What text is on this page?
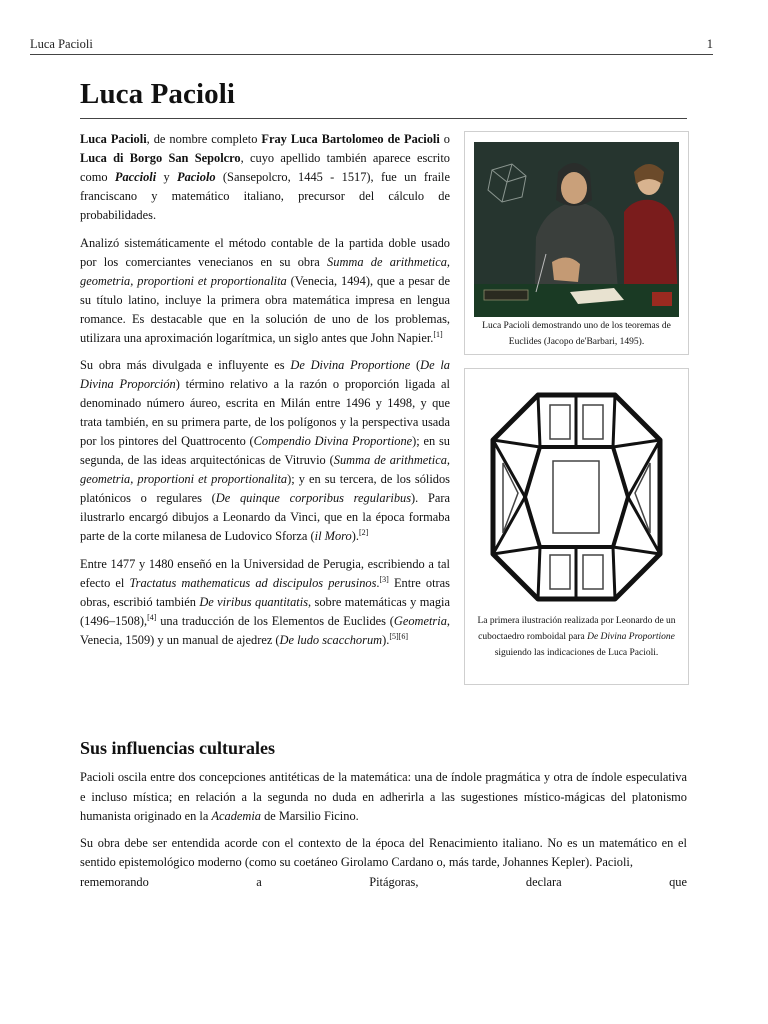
Luca Pacioli	1
Luca Pacioli

Luca Pacioli, de nombre completo Fray Luca Bartolomeo de Pacioli o Luca di Borgo San Sepolcro, cuyo apellido también aparece escrito como Paccioli y Paciolo (Sansepolcro, 1445 - 1517), fue un fraile franciscano y matemático italiano, precursor del cálculo de probabilidades.

Analizó sistemáticamente el método contable de la partida doble usado por los comerciantes venecianos en su obra Summa de arithmetica, geometria, proportioni et proportionalita (Venecia, 1494), que a pesar de su título latino, incluye la primera obra matemática impresa en lengua romance. Es destacable que en la solución de uno de los problemas, utilizara una aproximación logarítmica, un siglo antes que John Napier.[1]

Su obra más divulgada e influyente es De Divina Proportione (De la Divina Proporción) término relativo a la razón o proporción ligada al denominado número áureo, escrita en Milán entre 1496 y 1498, y que trata también, en su primera parte, de los polígonos y la perspectiva usada por los pintores del Quattrocento (Compendio Divina Proportione); en su segunda, de las ideas arquitectónicas de Vitruvio (Summa de arithmetica, geometria, proportioni et proportionalita); y en su tercera, de los sólidos platónicos o regulares (De quinque corporibus regularibus). Para ilustrarlo encargó dibujos a Leonardo da Vinci, que en la época formaba parte de la corte milanesa de Ludovico Sforza (il Moro).[2]

Entre 1477 y 1480 enseñó en la Universidad de Perugia, escribiendo a tal efecto el Tractatus mathematicus ad discipulos perusinos.[3] Entre otras obras, escribió también De viribus quantitatis, sobre matemáticas y magia (1496–1508),[4] una traducción de los Elementos de Euclides (Geometria, Venecia, 1509) y un manual de ajedrez (De ludo scacchorum).[5][6]

Luca Pacioli demostrando uno de los teoremas de Euclides (Jacopo de'Barbari, 1495).
La primera ilustración realizada por Leonardo de un cuboctaedro romboidal para De Divina Proportione siguiendo las indicaciones de Luca Pacioli.
Sus influencias culturales

Pacioli oscila entre dos concepciones antitéticas de la matemática: una de índole pragmática y otra de índole especulativa e incluso mística; en relación a la segunda no duda en adherirla a las sugestiones místico-mágicas del platonismo humanista originado en la Academia de Marsilio Ficino.

Su obra debe ser entendida acorde con el contexto de la época del Renacimiento italiano. No es un matemático en el sentido epistemológico moderno (como su coetáneo Girolamo Cardano o, más tarde, Johannes Kepler). Pacioli,
rememorando	a	Pitágoras,	declara	que
